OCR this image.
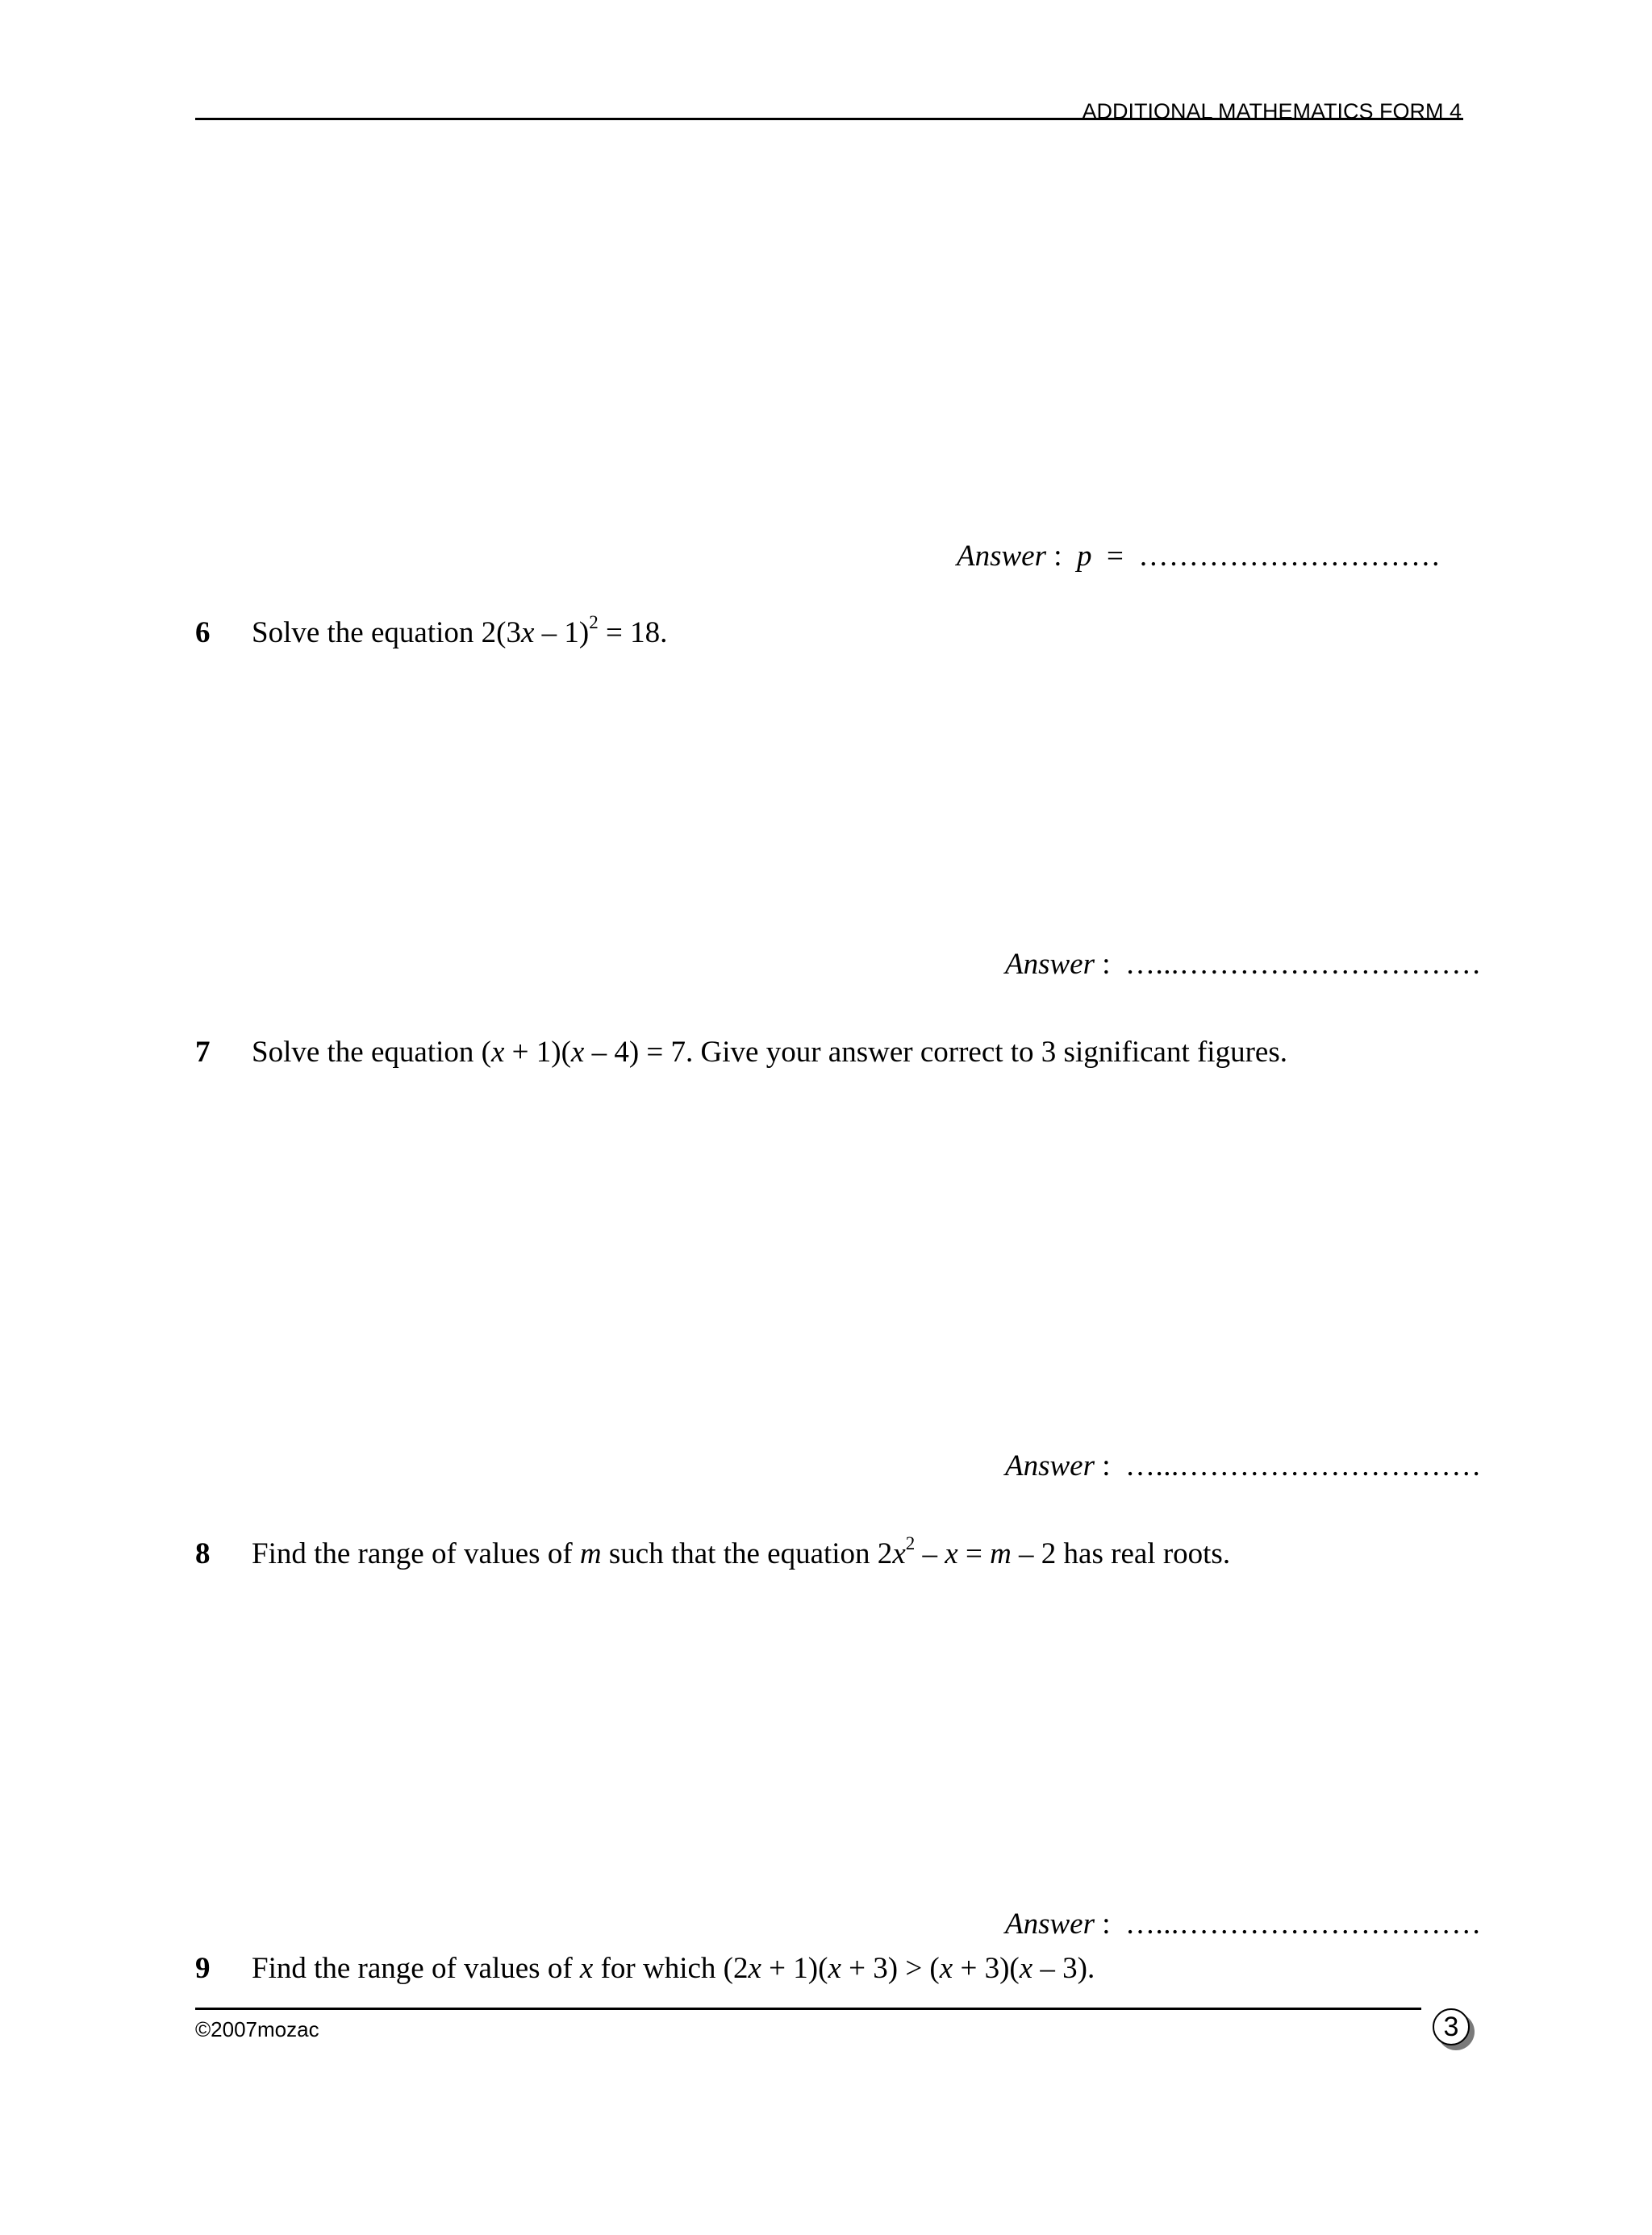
ADDITIONAL MATHEMATICS FORM 4
Answer : p = …………………………
6 Solve the equation 2(3x – 1)$^2$ = 18.
Answer : …...…………………………
7 Solve the equation (x + 1)(x – 4) = 7. Give your answer correct to 3 significant figures.
Answer : …...…………………………
8 Find the range of values of m such that the equation $2x^2 - x = m - 2$ has real roots.
Answer : …...…………………………
9 Find the range of values of x for which (2x + 1)(x + 3) > (x + 3)(x – 3).
©2007mozac	3
